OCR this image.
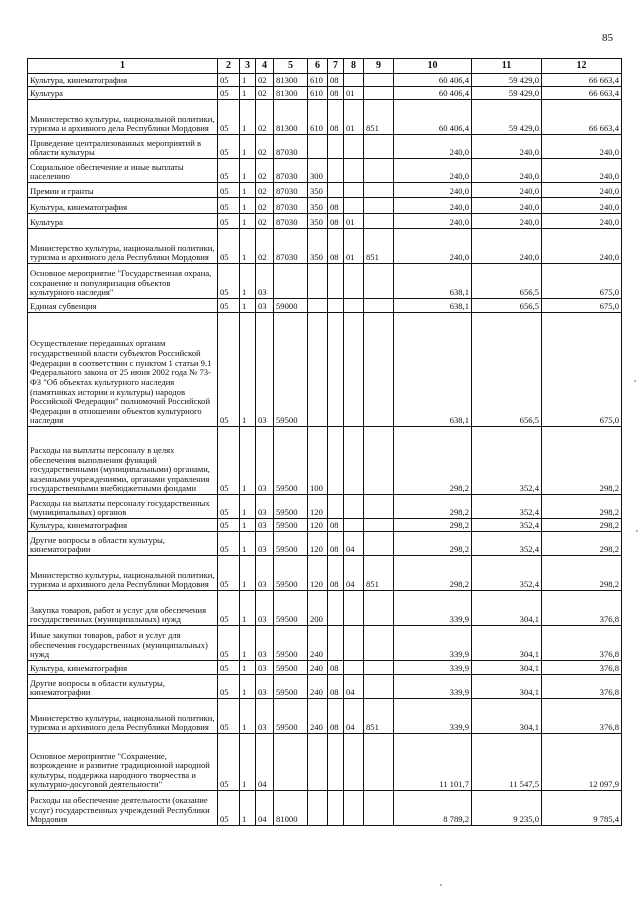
85
1	2	3	4	5	6	7	8	9	10	11	12
Культура, кинематография	05	1	02	81300	610	08			60 406,4	59 429,0	66 663,4
Культура	05	1	02	81300	610	08	01		60 406,4	59 429,0	66 663,4
Министерство культуры, национальной политики, туризма и архивного дела Республики Мордовия	05	1	02	81300	610	08	01	851	60 406,4	59 429,0	66 663,4
Проведение централизованных мероприятий в области культуры	05	1	02	87030					240,0	240,0	240,0
Социальное обеспечение и иные выплаты населению	05	1	02	87030	300				240,0	240,0	240,0
Премии и гранты	05	1	02	87030	350				240,0	240,0	240,0
Культура, кинематография	05	1	02	87030	350	08			240,0	240,0	240,0
Культура	05	1	02	87030	350	08	01		240,0	240,0	240,0
Министерство культуры, национальной политики, туризма и архивного дела Республики Мордовия	05	1	02	87030	350	08	01	851	240,0	240,0	240,0
Основное мероприятие "Государственная охрана, сохранение и популяризация объектов культурного наследия"	05	1	03						638,1	656,5	675,0
Единая субвенция	05	1	03	59000					638,1	656,5	675,0
Осуществление переданных органам государственной власти субъектов Российской Федерации в соответствии с пунктом 1 статьи 9.1 Федерального закона от 25 июня 2002 года № 73-ФЗ "Об объектах культурного наследия (памятниках истории и культуры) народов Российской Федерации" полномочий Российской Федерации в отношении объектов культурного наследия	05	1	03	59500					638,1	656,5	675,0
Расходы на выплаты персоналу в целях обеспечения выполнения функций государственными (муниципальными) органами, казенными учреждениями, органами управления государственными внебюджетными фондами	05	1	03	59500	100				298,2	352,4	298,2
Расходы на выплаты персоналу государственных (муниципальных) органов	05	1	03	59500	120				298,2	352,4	298,2
Культура, кинематография	05	1	03	59500	120	08			298,2	352,4	298,2
Другие вопросы в области культуры, кинематографии	05	1	03	59500	120	08	04		298,2	352,4	298,2
Министерство культуры, национальной политики, туризма и архивного дела Республики Мордовия	05	1	03	59500	120	08	04	851	298,2	352,4	298,2
Закупка товаров, работ и услуг для обеспечения государственных (муниципальных) нужд	05	1	03	59500	200				339,9	304,1	376,8
Иные закупки товаров, работ и услуг для обеспечения государственных (муниципальных) нужд	05	1	03	59500	240				339,9	304,1	376,8
Культура, кинематография	05	1	03	59500	240	08			339,9	304,1	376,8
Другие вопросы в области культуры, кинематографии	05	1	03	59500	240	08	04		339,9	304,1	376,8
Министерство культуры, национальной политики, туризма и архивного дела Республики Мордовия	05	1	03	59500	240	08	04	851	339,9	304,1	376,8
Основное мероприятие "Сохранение, возрождение и развитие традиционной народной культуры, поддержка народного творчества и культурно-досуговой деятельности"	05	1	04						11 101,7	11 547,5	12 097,9
Расходы на обеспечение деятельности (оказание услуг) государственных учреждений Республики Мордовия	05	1	04	81000					8 789,2	9 235,0	9 785,4
